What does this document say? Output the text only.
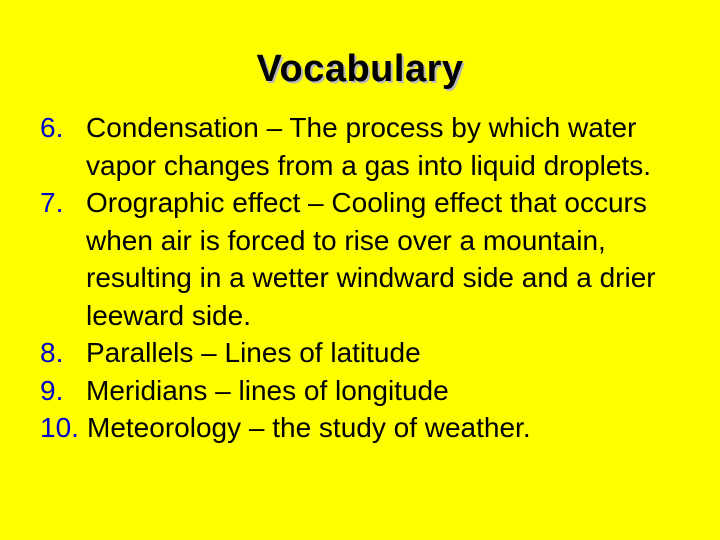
Vocabulary
6. Condensation – The process by which water vapor changes from a gas into liquid droplets.
7. Orographic effect – Cooling effect that occurs when air is forced to rise over a mountain, resulting in a wetter windward side and a drier leeward side.
8. Parallels – Lines of latitude
9. Meridians – lines of longitude
10. Meteorology – the study of weather.
